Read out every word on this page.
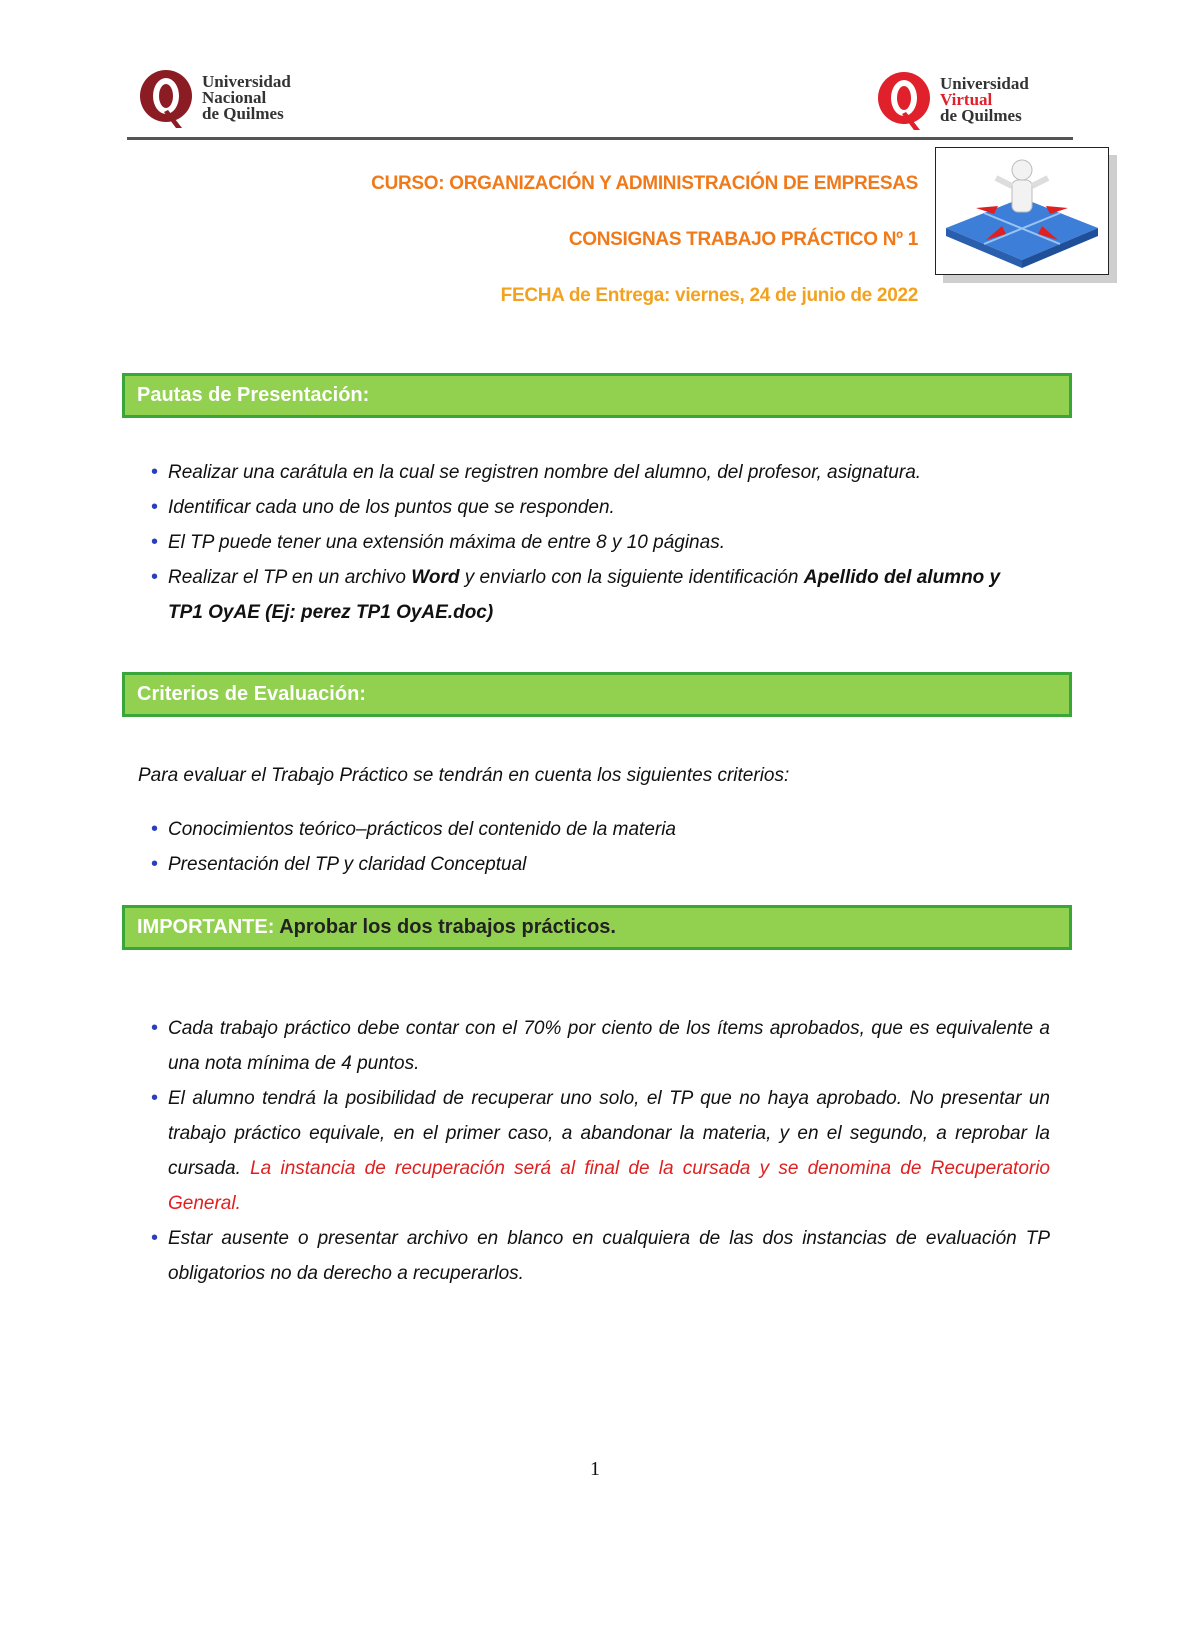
Universidad
Nacional
de Quilmes
Universidad
Virtual
de Quilmes
CURSO: ORGANIZACIÓN Y ADMINISTRACIÓN DE EMPRESAS
CONSIGNAS TRABAJO PRÁCTICO Nº 1
FECHA de Entrega: viernes, 24 de junio de 2022
Pautas de Presentación:
• Realizar una carátula en la cual se registren nombre del alumno, del profesor, asignatura.
• Identificar cada uno de los puntos que se responden.
• El TP puede tener una extensión máxima de entre 8 y 10 páginas.
• Realizar el TP en un archivo Word y enviarlo con la siguiente identificación Apellido del alumno y TP1 OyAE (Ej: perez TP1 OyAE.doc)
Criterios de Evaluación:
Para evaluar el Trabajo Práctico se tendrán en cuenta los siguientes criterios:
• Conocimientos teórico–prácticos del contenido de la materia
• Presentación del TP y claridad Conceptual
IMPORTANTE: Aprobar los dos trabajos prácticos.
• Cada trabajo práctico debe contar con el 70% por ciento de los ítems aprobados, que es equivalente a una nota mínima de 4 puntos.
• El alumno tendrá la posibilidad de recuperar uno solo, el TP que no haya aprobado. No presentar un trabajo práctico equivale, en el primer caso, a abandonar la materia, y en el segundo, a reprobar la cursada. La instancia de recuperación será al final de la cursada y se denomina de Recuperatorio General.
• Estar ausente o presentar archivo en blanco en cualquiera de las dos instancias de evaluación TP obligatorios no da derecho a recuperarlos.
1
